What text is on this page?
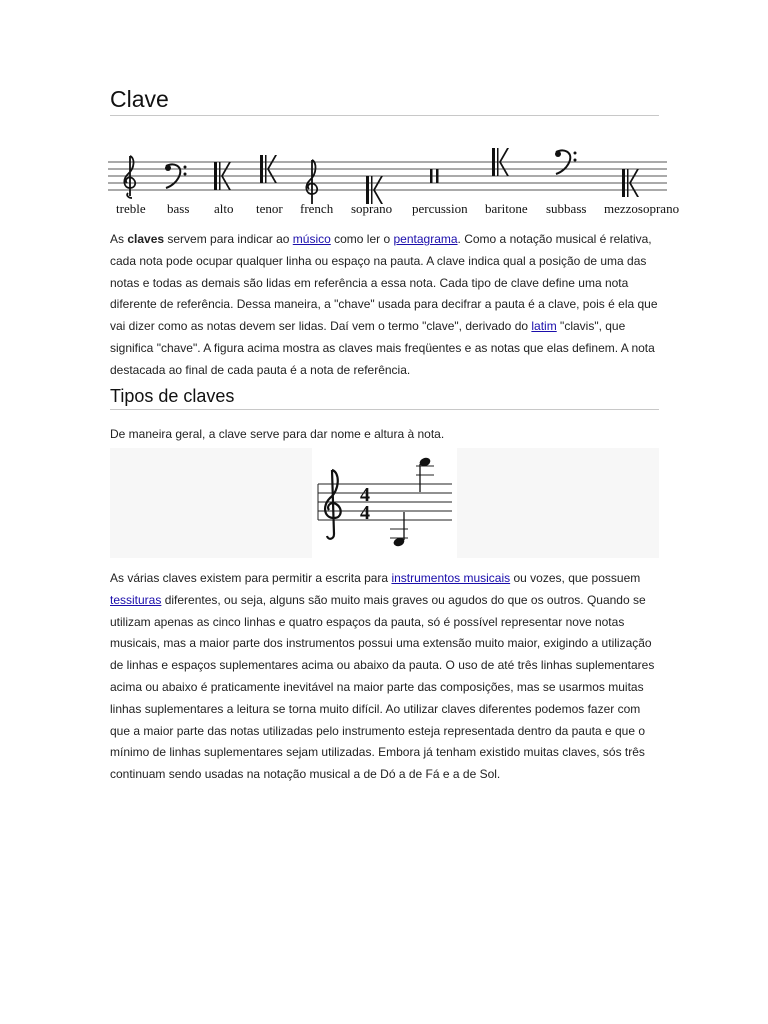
Clave
treble bass alto tenor french soprano percussion baritone subbass mezzosoprano

As claves servem para indicar ao músico como ler o pentagrama. Como a notação musical é relativa, cada nota pode ocupar qualquer linha ou espaço na pauta. A clave indica qual a posição de uma das notas e todas as demais são lidas em referência a essa nota. Cada tipo de clave define uma nota diferente de referência. Dessa maneira, a "chave" usada para decifrar a pauta é a clave, pois é ela que vai dizer como as notas devem ser lidas. Daí vem o termo "clave", derivado do latim "clavis", que significa "chave". A figura acima mostra as claves mais freqüentes e as notas que elas definem. A nota destacada ao final de cada pauta é a nota de referência.

Tipos de claves

De maneira geral, a clave serve para dar nome e altura à nota.

4
4

As várias claves existem para permitir a escrita para instrumentos musicais ou vozes, que possuem tessituras diferentes, ou seja, alguns são muito mais graves ou agudos do que os outros. Quando se utilizam apenas as cinco linhas e quatro espaços da pauta, só é possível representar nove notas musicais, mas a maior parte dos instrumentos possui uma extensão muito maior, exigindo a utilização de linhas e espaços suplementares acima ou abaixo da pauta. O uso de até três linhas suplementares acima ou abaixo é praticamente inevitável na maior parte das composições, mas se usarmos muitas linhas suplementares a leitura se torna muito difícil. Ao utilizar claves diferentes podemos fazer com que a maior parte das notas utilizadas pelo instrumento esteja representada dentro da pauta e que o mínimo de linhas suplementares sejam utilizadas. Embora já tenham existido muitas claves, sós três continuam sendo usadas na notação musical a de Dó a de Fá e a de Sol.
